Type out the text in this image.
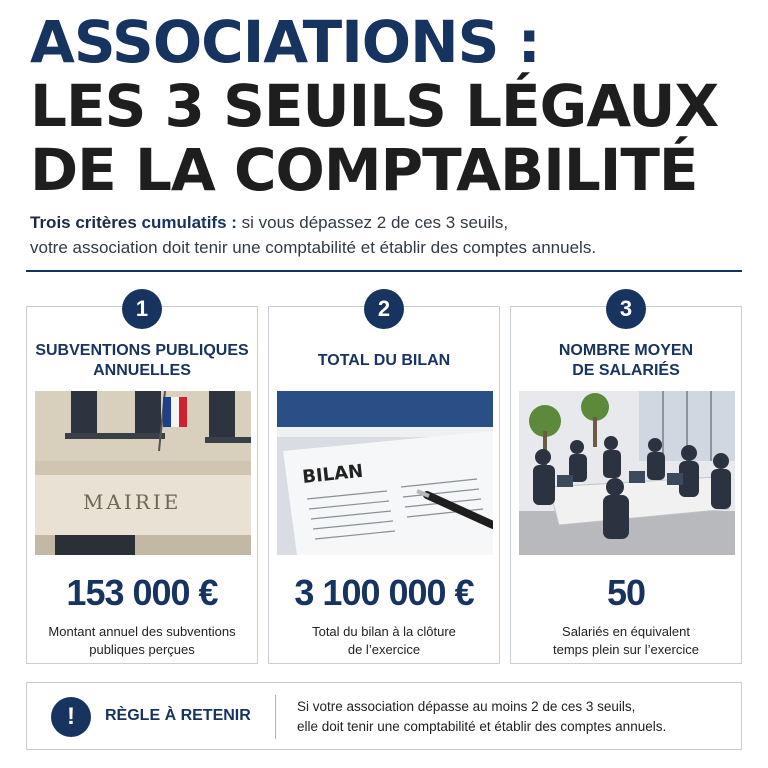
ASSOCIATIONS :
LES 3 SEUILS LÉGAUX
DE LA COMPTABILITÉ
Trois critères cumulatifs : si vous dépassez 2 de ces 3 seuils,
votre association doit tenir une comptabilité et établir des comptes annuels.
1
SUBVENTIONS PUBLIQUES
ANNUELLES
MAIRIE
153 000 €
Montant annuel des subventions
publiques perçues
2
TOTAL DU BILAN
BILAN
3 100 000 €
Total du bilan à la clôture
de l’exercice
3
NOMBRE MOYEN
DE SALARIÉS
50
Salariés en équivalent
temps plein sur l’exercice
!	RÈGLE À RETENIR
Si votre association dépasse au moins 2 de ces 3 seuils,
elle doit tenir une comptabilité et établir des comptes annuels.
